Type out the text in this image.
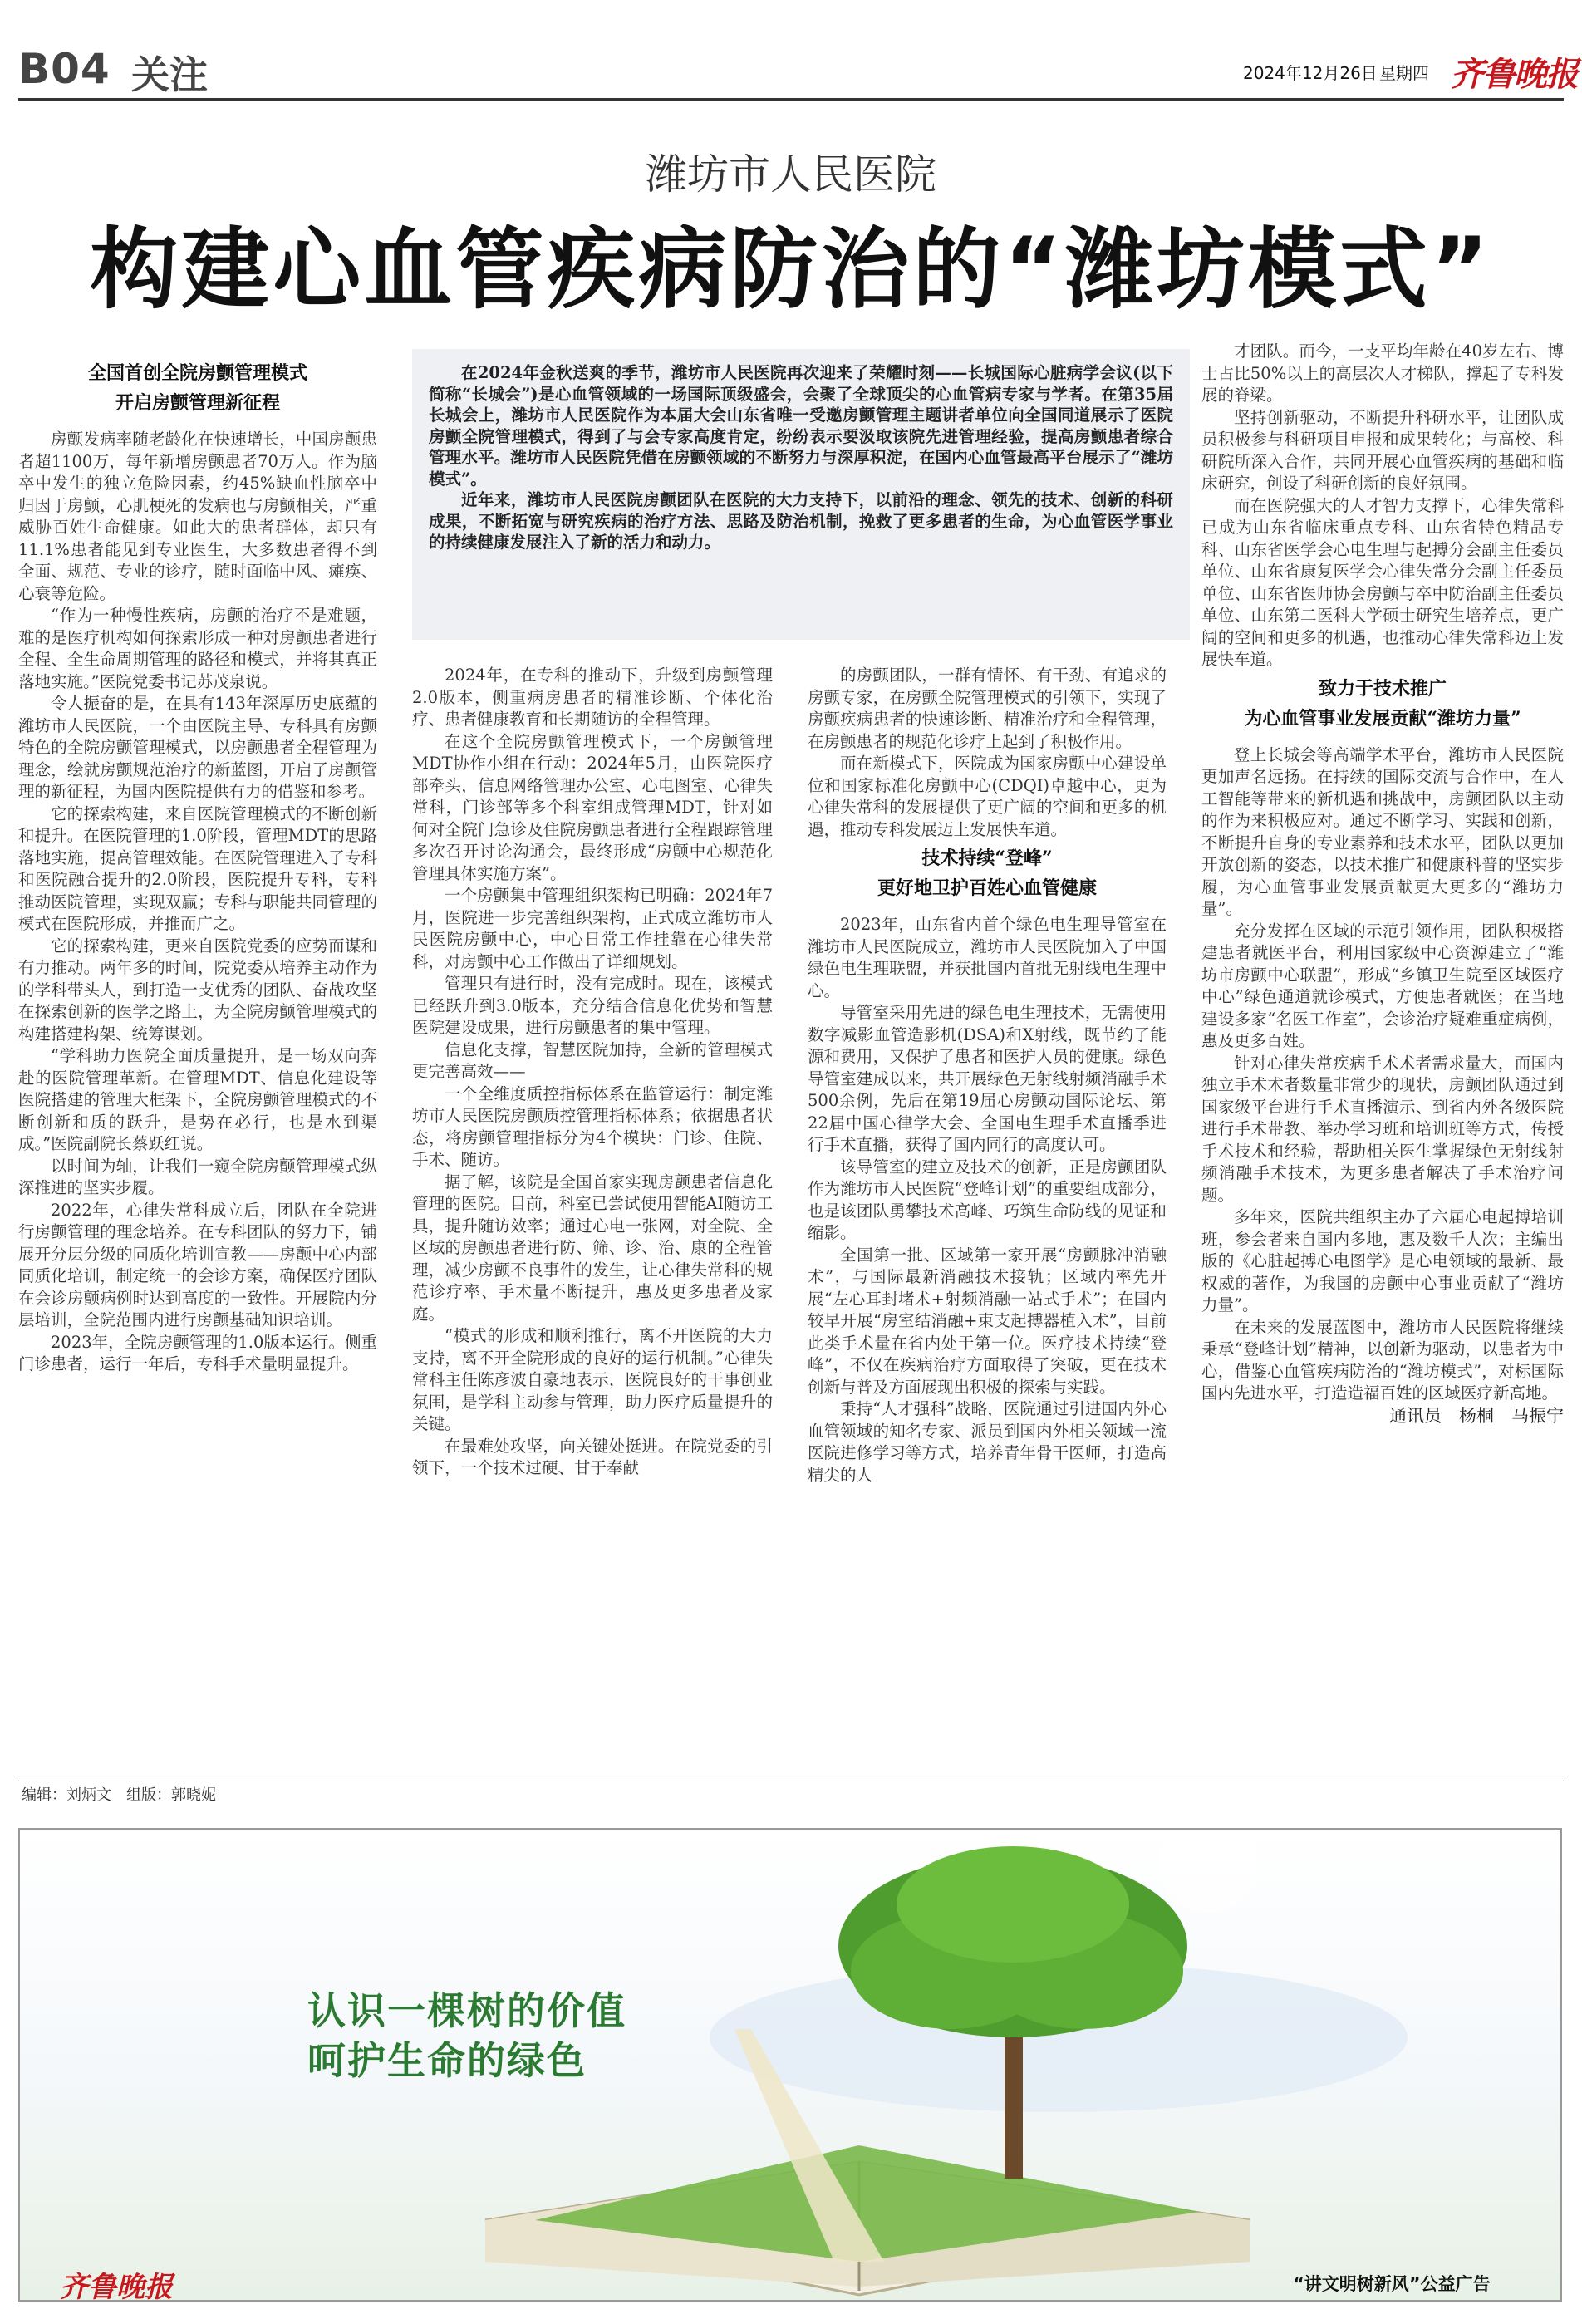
B04 关注	2024年12月26日 星期四 齐鲁晚报
潍坊市人民医院
构建心血管疾病防治的“潍坊模式”

在2024年金秋送爽的季节，潍坊市人民医院再次迎来了荣耀时刻——长城国际心脏病学会议(以下简称“长城会”)是心血管领域的一场国际顶级盛会，会聚了全球顶尖的心血管病专家与学者。在第35届长城会上，潍坊市人民医院作为本届大会山东省唯一受邀房颤管理主题讲者单位向全国同道展示了医院房颤全院管理模式，得到了与会专家高度肯定，纷纷表示要汲取该院先进管理经验，提高房颤患者综合管理水平。潍坊市人民医院凭借在房颤领域的不断努力与深厚积淀，在国内心血管最高平台展示了“潍坊模式”。

近年来，潍坊市人民医院房颤团队在医院的大力支持下，以前沿的理念、领先的技术、创新的科研成果，不断拓宽与研究疾病的治疗方法、思路及防治机制，挽救了更多患者的生命，为心血管医学事业的持续健康发展注入了新的活力和动力。

全国首创全院房颤管理模式

开启房颤管理新征程

房颤发病率随老龄化在快速增长，中国房颤患者超1100万，每年新增房颤患者70万人。作为脑卒中发生的独立危险因素，约45%缺血性脑卒中归因于房颤，心肌梗死的发病也与房颤相关，严重威胁百姓生命健康。如此大的患者群体，却只有11.1%患者能见到专业医生，大多数患者得不到全面、规范、专业的诊疗，随时面临中风、瘫痪、心衰等危险。

“作为一种慢性疾病，房颤的治疗不是难题，难的是医疗机构如何探索形成一种对房颤患者进行全程、全生命周期管理的路径和模式，并将其真正落地实施。”医院党委书记苏茂泉说。

令人振奋的是，在具有143年深厚历史底蕴的潍坊市人民医院，一个由医院主导、专科具有房颤特色的全院房颤管理模式，以房颤患者全程管理为理念，绘就房颤规范治疗的新蓝图，开启了房颤管理的新征程，为国内医院提供有力的借鉴和参考。

它的探索构建，来自医院管理模式的不断创新和提升。在医院管理的1.0阶段，管理MDT的思路落地实施，提高管理效能。在医院管理进入了专科和医院融合提升的2.0阶段，医院提升专科，专科推动医院管理，实现双赢；专科与职能共同管理的模式在医院形成，并推而广之。

它的探索构建，更来自医院党委的应势而谋和有力推动。两年多的时间，院党委从培养主动作为的学科带头人，到打造一支优秀的团队、奋战攻坚在探索创新的医学之路上，为全院房颤管理模式的构建搭建构架、统筹谋划。

“学科助力医院全面质量提升，是一场双向奔赴的医院管理革新。在管理MDT、信息化建设等医院搭建的管理大框架下，全院房颤管理模式的不断创新和质的跃升，是势在必行，也是水到渠成。”医院副院长蔡跃红说。

以时间为轴，让我们一窥全院房颤管理模式纵深推进的坚实步履。

2022年，心律失常科成立后，团队在全院进行房颤管理的理念培养。在专科团队的努力下，铺展开分层分级的同质化培训宣教——房颤中心内部同质化培训，制定统一的会诊方案，确保医疗团队在会诊房颤病例时达到高度的一致性。开展院内分层培训，全院范围内进行房颤基础知识培训。

2023年，全院房颤管理的1.0版本运行。侧重门诊患者，运行一年后，专科手术量明显提升。

2024年，在专科的推动下，升级到房颤管理2.0版本，侧重病房患者的精准诊断、个体化治疗、患者健康教育和长期随访的全程管理。

在这个全院房颤管理模式下，一个房颤管理MDT协作小组在行动：2024年5月，由医院医疗部牵头，信息网络管理办公室、心电图室、心律失常科，门诊部等多个科室组成管理MDT，针对如何对全院门急诊及住院房颤患者进行全程跟踪管理多次召开讨论沟通会，最终形成“房颤中心规范化管理具体实施方案”。

一个房颤集中管理组织架构已明确：2024年7月，医院进一步完善组织架构，正式成立潍坊市人民医院房颤中心，中心日常工作挂靠在心律失常科，对房颤中心工作做出了详细规划。

管理只有进行时，没有完成时。现在，该模式已经跃升到3.0版本，充分结合信息化优势和智慧医院建设成果，进行房颤患者的集中管理。

信息化支撑，智慧医院加持，全新的管理模式更完善高效——

一个全维度质控指标体系在监管运行：制定潍坊市人民医院房颤质控管理指标体系；依据患者状态，将房颤管理指标分为4个模块：门诊、住院、手术、随访。

据了解，该院是全国首家实现房颤患者信息化管理的医院。目前，科室已尝试使用智能AI随访工具，提升随访效率；通过心电一张网，对全院、全区域的房颤患者进行防、筛、诊、治、康的全程管理，减少房颤不良事件的发生，让心律失常科的规范诊疗率、手术量不断提升，惠及更多患者及家庭。

“模式的形成和顺利推行，离不开医院的大力支持，离不开全院形成的良好的运行机制。”心律失常科主任陈彦波自豪地表示，医院良好的干事创业氛围，是学科主动参与管理，助力医疗质量提升的关键。

在最难处攻坚，向关键处挺进。在院党委的引领下，一个技术过硬、甘于奉献

的房颤团队，一群有情怀、有干劲、有追求的房颤专家，在房颤全院管理模式的引领下，实现了房颤疾病患者的快速诊断、精准治疗和全程管理，在房颤患者的规范化诊疗上起到了积极作用。

而在新模式下，医院成为国家房颤中心建设单位和国家标准化房颤中心(CDQI)卓越中心，更为心律失常科的发展提供了更广阔的空间和更多的机遇，推动专科发展迈上发展快车道。

技术持续“登峰”

更好地卫护百姓心血管健康

2023年，山东省内首个绿色电生理导管室在潍坊市人民医院成立，潍坊市人民医院加入了中国绿色电生理联盟，并获批国内首批无射线电生理中心。

导管室采用先进的绿色电生理技术，无需使用数字减影血管造影机(DSA)和X射线，既节约了能源和费用，又保护了患者和医护人员的健康。绿色导管室建成以来，共开展绿色无射线射频消融手术500余例，先后在第19届心房颤动国际论坛、第22届中国心律学大会、全国电生理手术直播季进行手术直播，获得了国内同行的高度认可。

该导管室的建立及技术的创新，正是房颤团队作为潍坊市人民医院“登峰计划”的重要组成部分，也是该团队勇攀技术高峰、巧筑生命防线的见证和缩影。

全国第一批、区域第一家开展“房颤脉冲消融术”，与国际最新消融技术接轨；区域内率先开展“左心耳封堵术+射频消融一站式手术”；在国内较早开展“房室结消融+束支起搏器植入术”，目前此类手术量在省内处于第一位。医疗技术持续“登峰”，不仅在疾病治疗方面取得了突破，更在技术创新与普及方面展现出积极的探索与实践。

秉持“人才强科”战略，医院通过引进国内外心血管领域的知名专家、派员到国内外相关领域一流医院进修学习等方式，培养青年骨干医师，打造高精尖的人

才团队。而今，一支平均年龄在40岁左右、博士占比50%以上的高层次人才梯队，撑起了专科发展的脊梁。

坚持创新驱动，不断提升科研水平，让团队成员积极参与科研项目申报和成果转化；与高校、科研院所深入合作，共同开展心血管疾病的基础和临床研究，创设了科研创新的良好氛围。

而在医院强大的人才智力支撑下，心律失常科已成为山东省临床重点专科、山东省特色精品专科、山东省医学会心电生理与起搏分会副主任委员单位、山东省康复医学会心律失常分会副主任委员单位、山东省医师协会房颤与卒中防治副主任委员单位、山东第二医科大学硕士研究生培养点，更广阔的空间和更多的机遇，也推动心律失常科迈上发展快车道。

致力于技术推广

为心血管事业发展贡献“潍坊力量”

登上长城会等高端学术平台，潍坊市人民医院更加声名远扬。在持续的国际交流与合作中，在人工智能等带来的新机遇和挑战中，房颤团队以主动的作为来积极应对。通过不断学习、实践和创新，不断提升自身的专业素养和技术水平，团队以更加开放创新的姿态，以技术推广和健康科普的坚实步履，为心血管事业发展贡献更大更多的“潍坊力量”。

充分发挥在区域的示范引领作用，团队积极搭建患者就医平台，利用国家级中心资源建立了“潍坊市房颤中心联盟”，形成“乡镇卫生院至区域医疗中心”绿色通道就诊模式，方便患者就医；在当地建设多家“名医工作室”，会诊治疗疑难重症病例，惠及更多百姓。

针对心律失常疾病手术术者需求量大，而国内独立手术术者数量非常少的现状，房颤团队通过到国家级平台进行手术直播演示、到省内外各级医院进行手术带教、举办学习班和培训班等方式，传授手术技术和经验，帮助相关医生掌握绿色无射线射频消融手术技术，为更多患者解决了手术治疗问题。

多年来，医院共组织主办了六届心电起搏培训班，参会者来自国内多地，惠及数千人次；主编出版的《心脏起搏心电图学》是心电领域的最新、最权威的著作，为我国的房颤中心事业贡献了“潍坊力量”。

在未来的发展蓝图中，潍坊市人民医院将继续秉承“登峰计划”精神，以创新为驱动，以患者为中心，借鉴心血管疾病防治的“潍坊模式”，对标国际国内先进水平，打造造福百姓的区域医疗新高地。

通讯员　杨桐　马振宁
编辑：刘炳文　组版：郭晓妮
认识一棵树的价值
呵护生命的绿色
齐鲁晚报	“讲文明树新风”公益广告
